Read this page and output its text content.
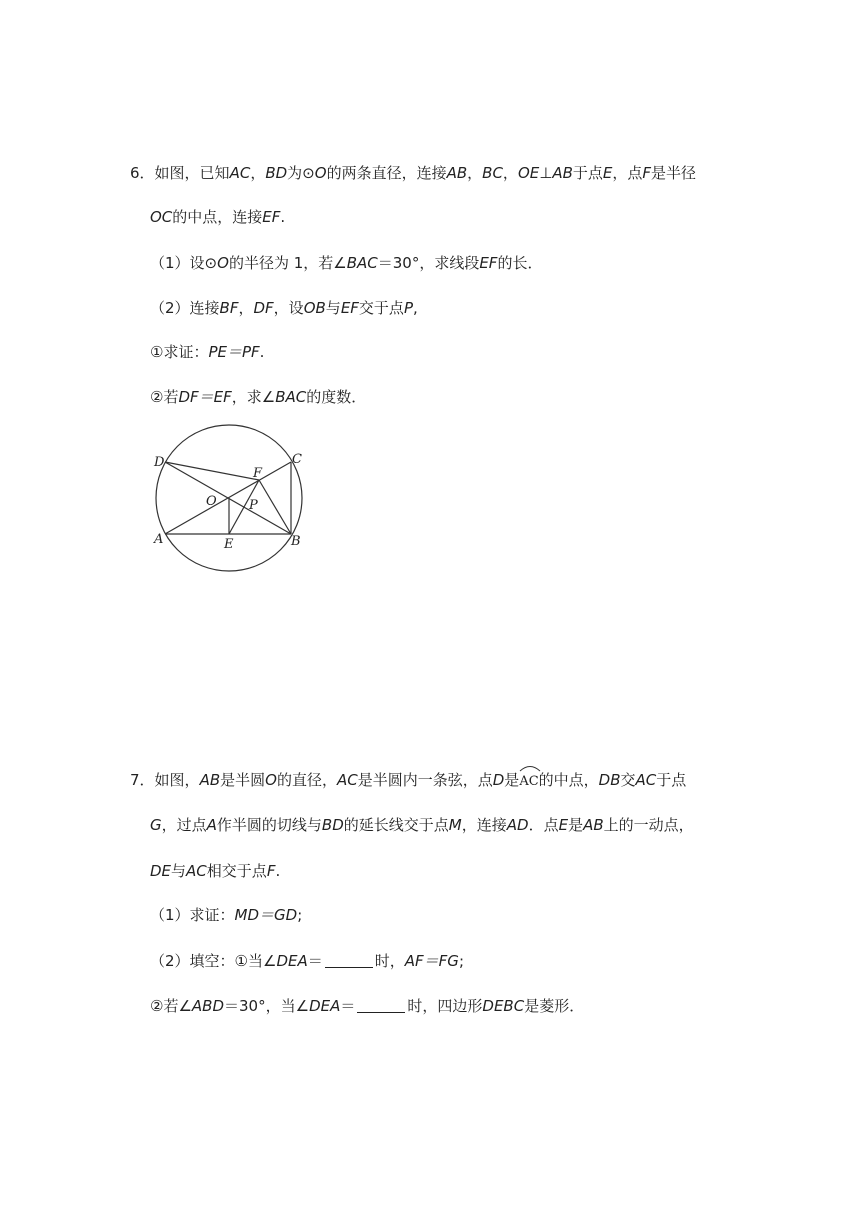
6．如图，已知AC，BD为⊙O的两条直径，连接AB，BC，OE⊥AB于点E，点F是半径
OC的中点，连接EF.
（1）设⊙O的半径为 1，若∠BAC＝30°，求线段EF的长．
（2）连接BF，DF，设OB与EF交于点P,
①求证：PE＝PF.
②若DF＝EF，求∠BAC的度数．
D	C
F
O P
A	E	B
7．如图，AB是半圆O的直径，AC是半圆内一条弦，点D是
AC的中点，DB交AC于点
G，过点A作半圆的切线与BD的延长线交于点M，连接AD．点E是AB上的一动点，
DE与AC相交于点F.
（1）求证：MD＝GD;
（2）填空：①当∠DEA＝	时，AF＝FG;
②若∠ABD＝30°，当∠DEA＝	时，四边形DEBC是菱形．
